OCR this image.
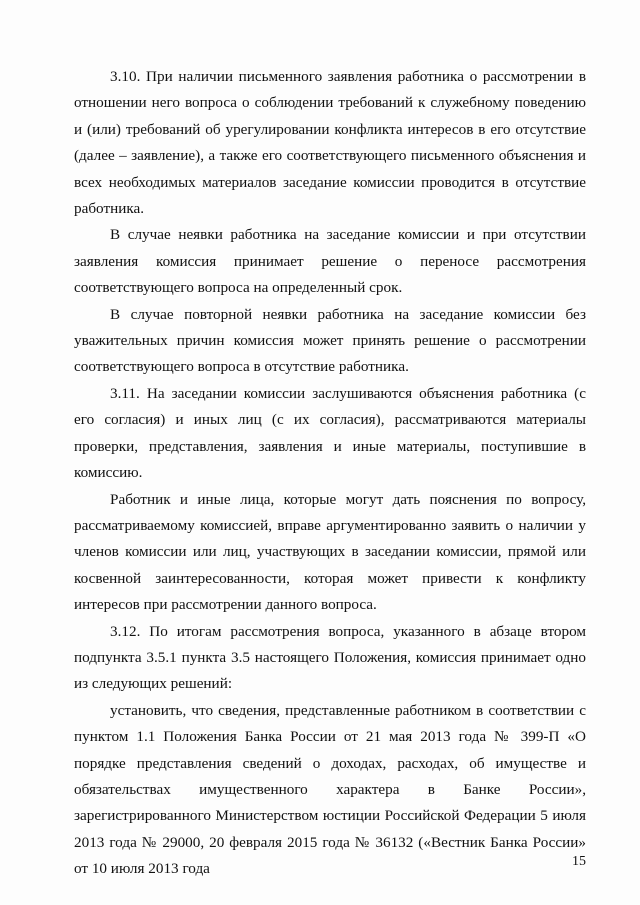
3.10. При наличии письменного заявления работника о рассмотрении в отношении него вопроса о соблюдении требований к служебному поведению и (или) требований об урегулировании конфликта интересов в его отсутствие (далее – заявление), а также его соответствующего письменного объяснения и всех необходимых материалов заседание комиссии проводится в отсутствие работника.

В случае неявки работника на заседание комиссии и при отсутствии заявления комиссия принимает решение о переносе рассмотрения соответствующего вопроса на определенный срок.

В случае повторной неявки работника на заседание комиссии без уважительных причин комиссия может принять решение о рассмотрении соответствующего вопроса в отсутствие работника.

3.11. На заседании комиссии заслушиваются объяснения работника (с его согласия) и иных лиц (с их согласия), рассматриваются материалы проверки, представления, заявления и иные материалы, поступившие в комиссию.

Работник и иные лица, которые могут дать пояснения по вопросу, рассматриваемому комиссией, вправе аргументированно заявить о наличии у членов комиссии или лиц, участвующих в заседании комиссии, прямой или косвенной заинтересованности, которая может привести к конфликту интересов при рассмотрении данного вопроса.

3.12. По итогам рассмотрения вопроса, указанного в абзаце втором подпункта 3.5.1 пункта 3.5 настоящего Положения, комиссия принимает одно из следующих решений:

установить, что сведения, представленные работником в соответствии с пунктом 1.1 Положения Банка России от 21 мая 2013 года № 399-П «О порядке представления сведений о доходах, расходах, об имуществе и обязательствах имущественного характера в Банке России», зарегистрированного Министерством юстиции Российской Федерации 5 июля 2013 года № 29000, 20 февраля 2015 года № 36132 («Вестник Банка России» от 10 июля 2013 года	15
